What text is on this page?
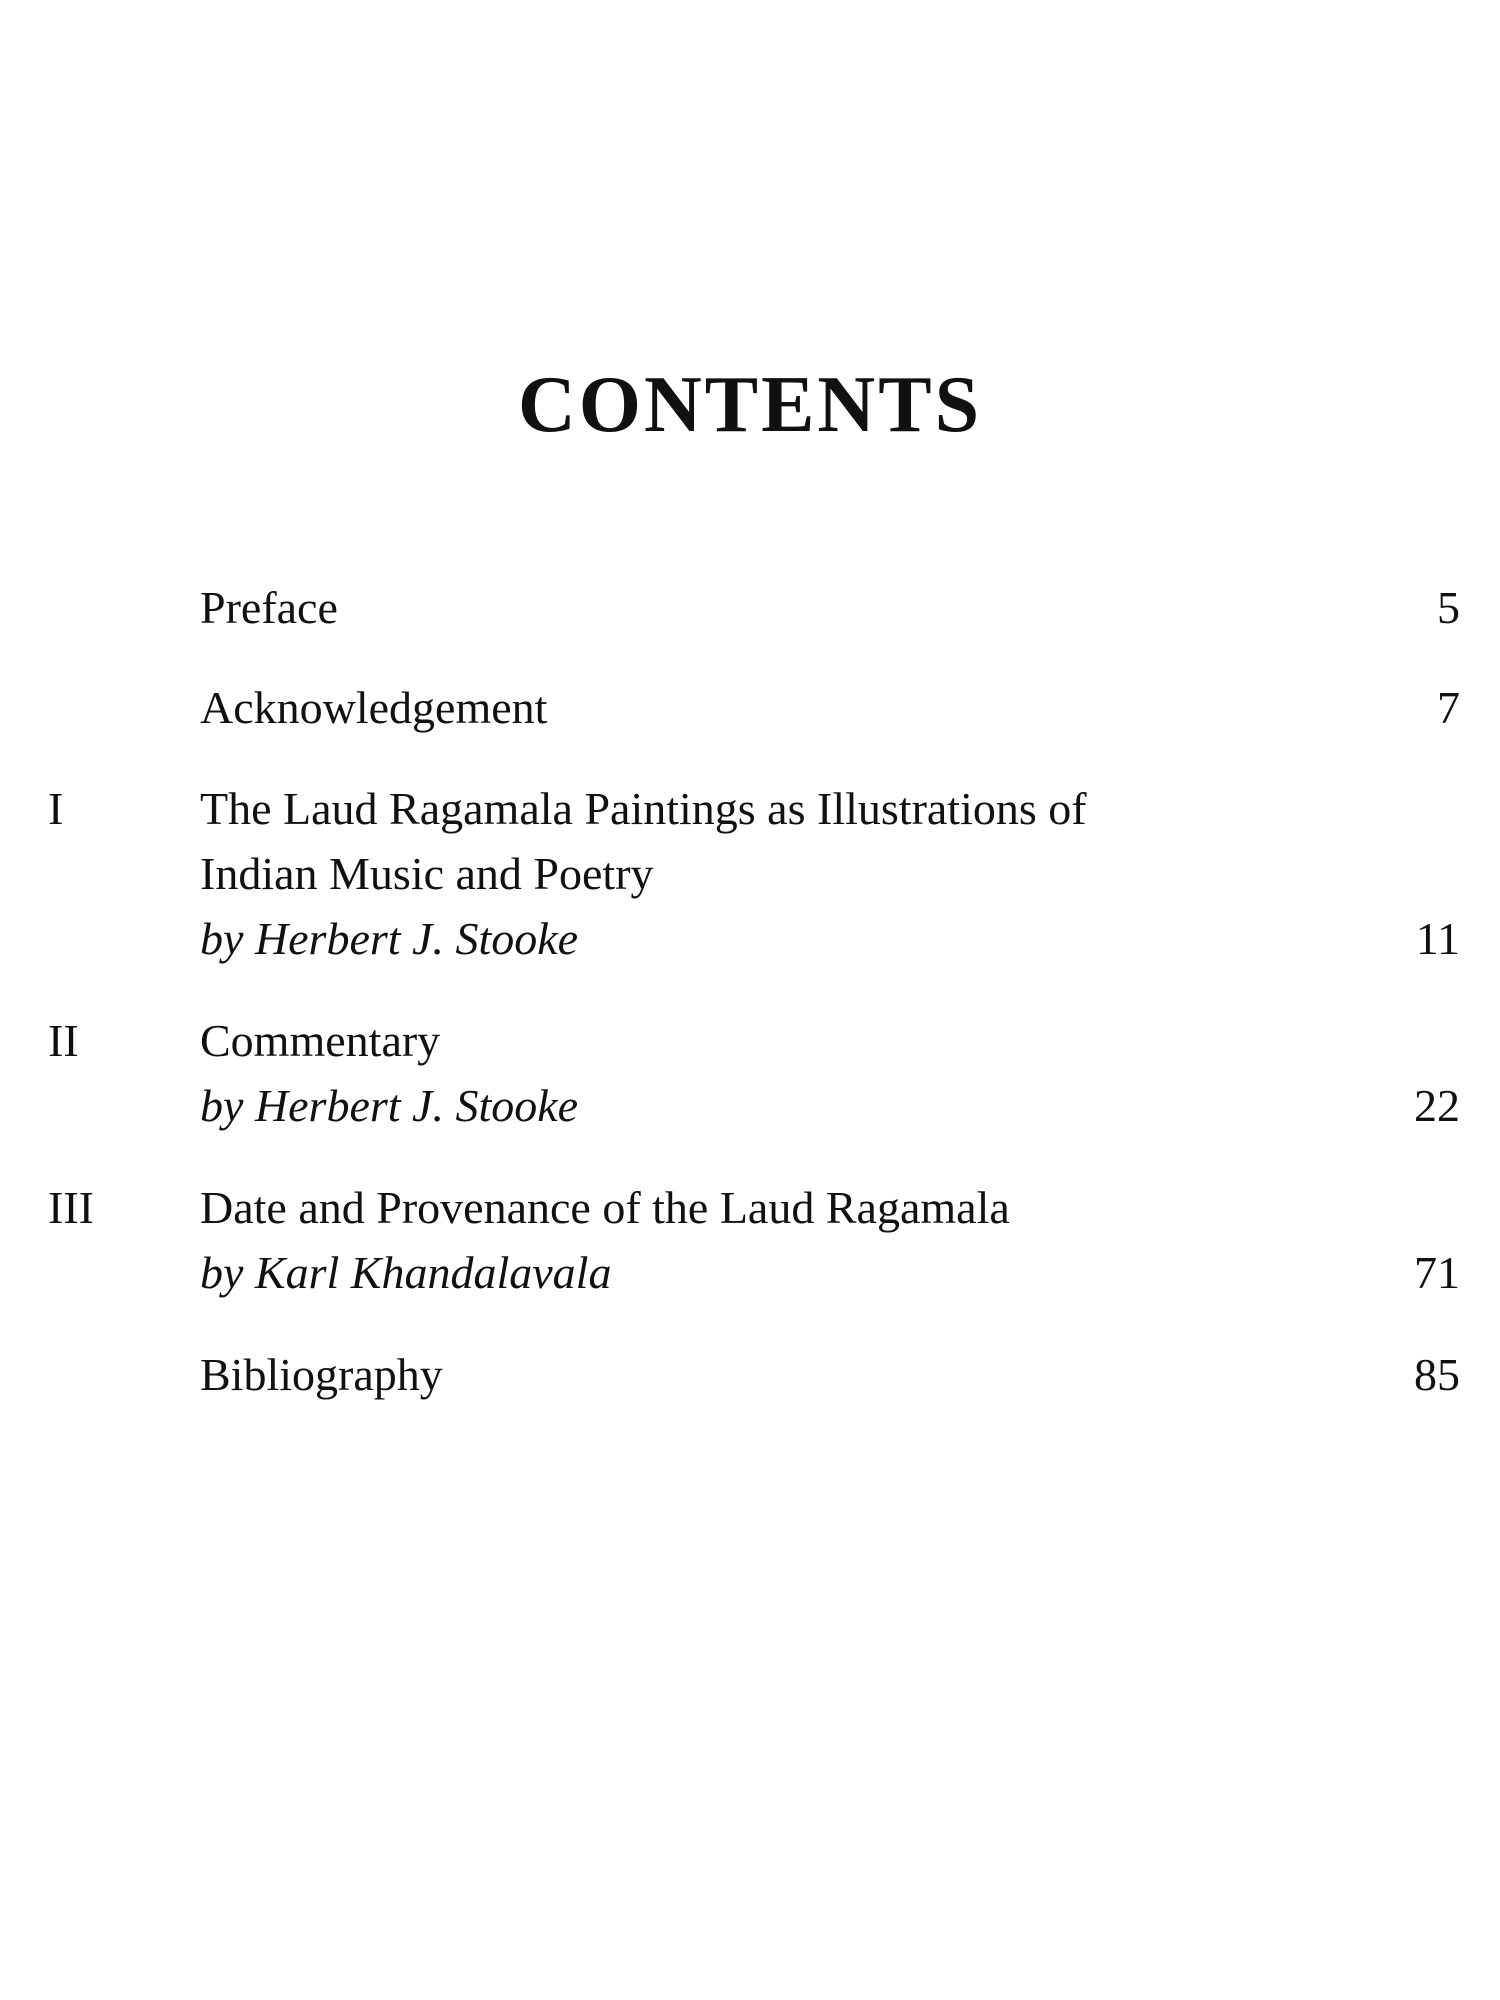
CONTENTS
Preface	5
Acknowledgement	7
I	The Laud Ragamala Paintings as Illustrations of
Indian Music and Poetry
by Herbert J. Stooke	11
II	Commentary
by Herbert J. Stooke	22
III Date and Provenance of the Laud Ragamala
by Karl Khandalavala	71
Bibliography	85
